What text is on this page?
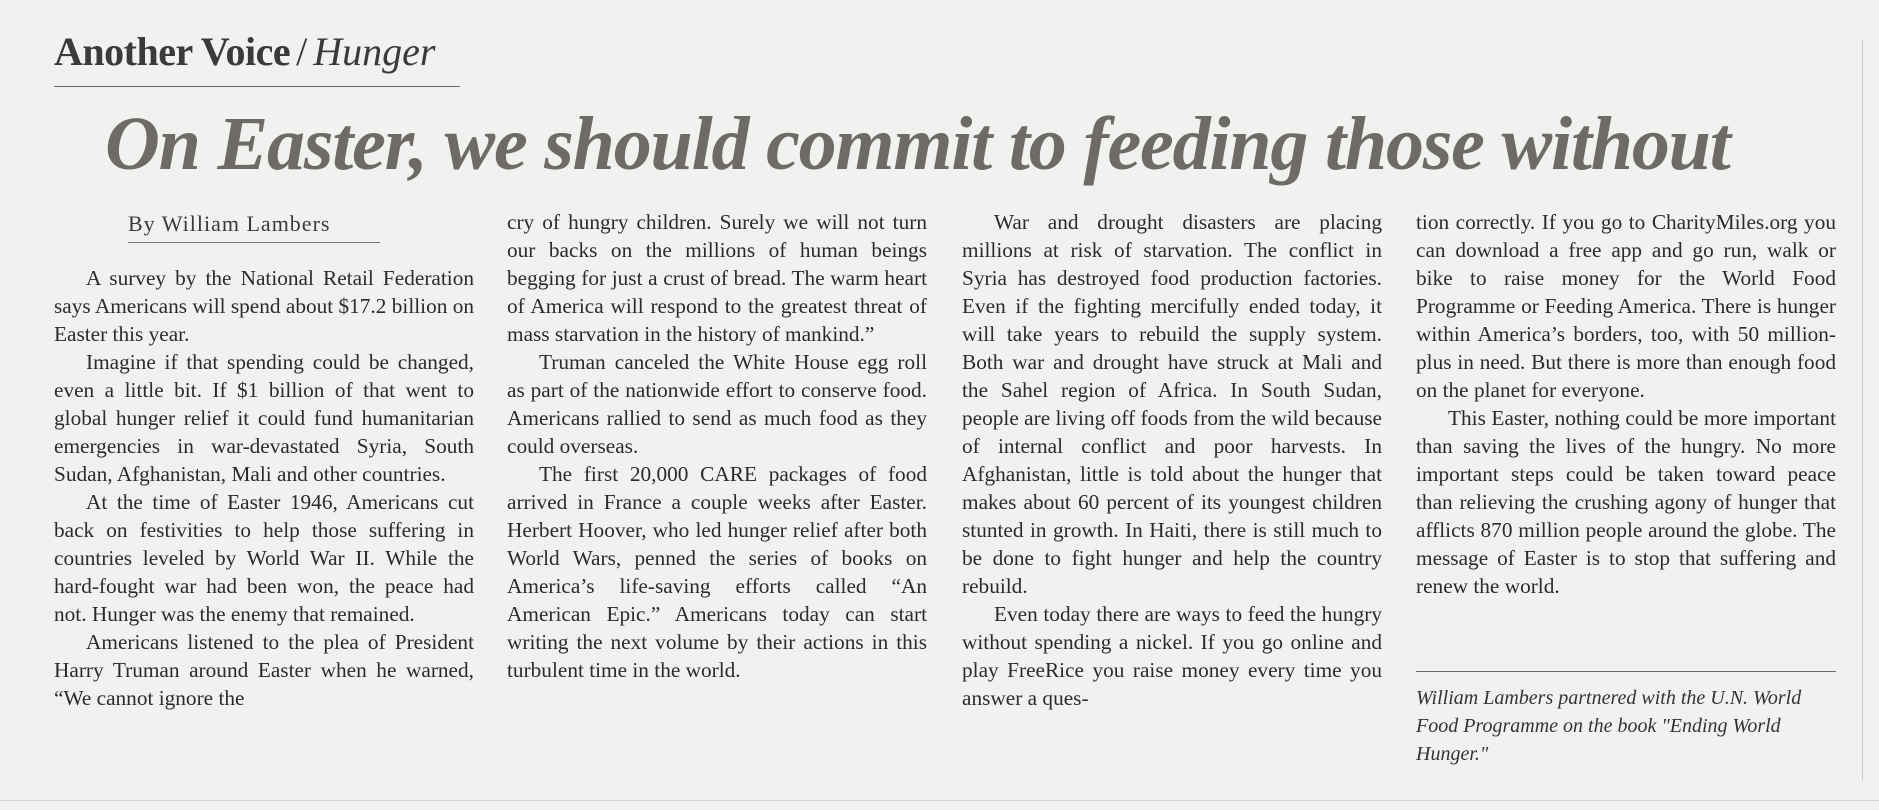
Another Voice / Hunger
On Easter, we should commit to feeding those without
By William Lambers

A survey by the National Retail Federation says Americans will spend about $17.2 billion on Easter this year.

Imagine if that spending could be changed, even a little bit. If $1 billion of that went to global hunger relief it could fund humanitarian emergencies in war-devastated Syria, South Sudan, Afghanistan, Mali and other countries.

At the time of Easter 1946, Americans cut back on festivities to help those suffering in countries leveled by World War II. While the hard-fought war had been won, the peace had not. Hunger was the enemy that remained.

Americans listened to the plea of President Harry Truman around Easter when he warned, “We cannot ignore the

cry of hungry children. Surely we will not turn our backs on the millions of human beings begging for just a crust of bread. The warm heart of America will respond to the greatest threat of mass starvation in the history of mankind.”

Truman canceled the White House egg roll as part of the nationwide effort to conserve food. Americans rallied to send as much food as they could overseas.

The first 20,000 CARE packages of food arrived in France a couple weeks after Easter. Herbert Hoover, who led hunger relief after both World Wars, penned the series of books on America’s life-saving efforts called “An American Epic.” Americans today can start writing the next volume by their actions in this turbulent time in the world.

War and drought disasters are placing millions at risk of starvation. The conflict in Syria has destroyed food production factories. Even if the fighting mercifully ended today, it will take years to rebuild the supply system. Both war and drought have struck at Mali and the Sahel region of Africa. In South Sudan, people are living off foods from the wild because of internal conflict and poor harvests. In Afghanistan, little is told about the hunger that makes about 60 percent of its youngest children stunted in growth. In Haiti, there is still much to be done to fight hunger and help the country rebuild.

Even today there are ways to feed the hungry without spending a nickel. If you go online and play FreeRice you raise money every time you answer a ques-

tion correctly. If you go to CharityMiles.org you can download a free app and go run, walk or bike to raise money for the World Food Programme or Feeding America. There is hunger within America’s borders, too, with 50 million-plus in need. But there is more than enough food on the planet for everyone.

This Easter, nothing could be more important than saving the lives of the hungry. No more important steps could be taken toward peace than relieving the crushing agony of hunger that afflicts 870 million people around the globe. The message of Easter is to stop that suffering and renew the world.

William Lambers partnered with the U.N. World Food Programme on the book "Ending World Hunger."
